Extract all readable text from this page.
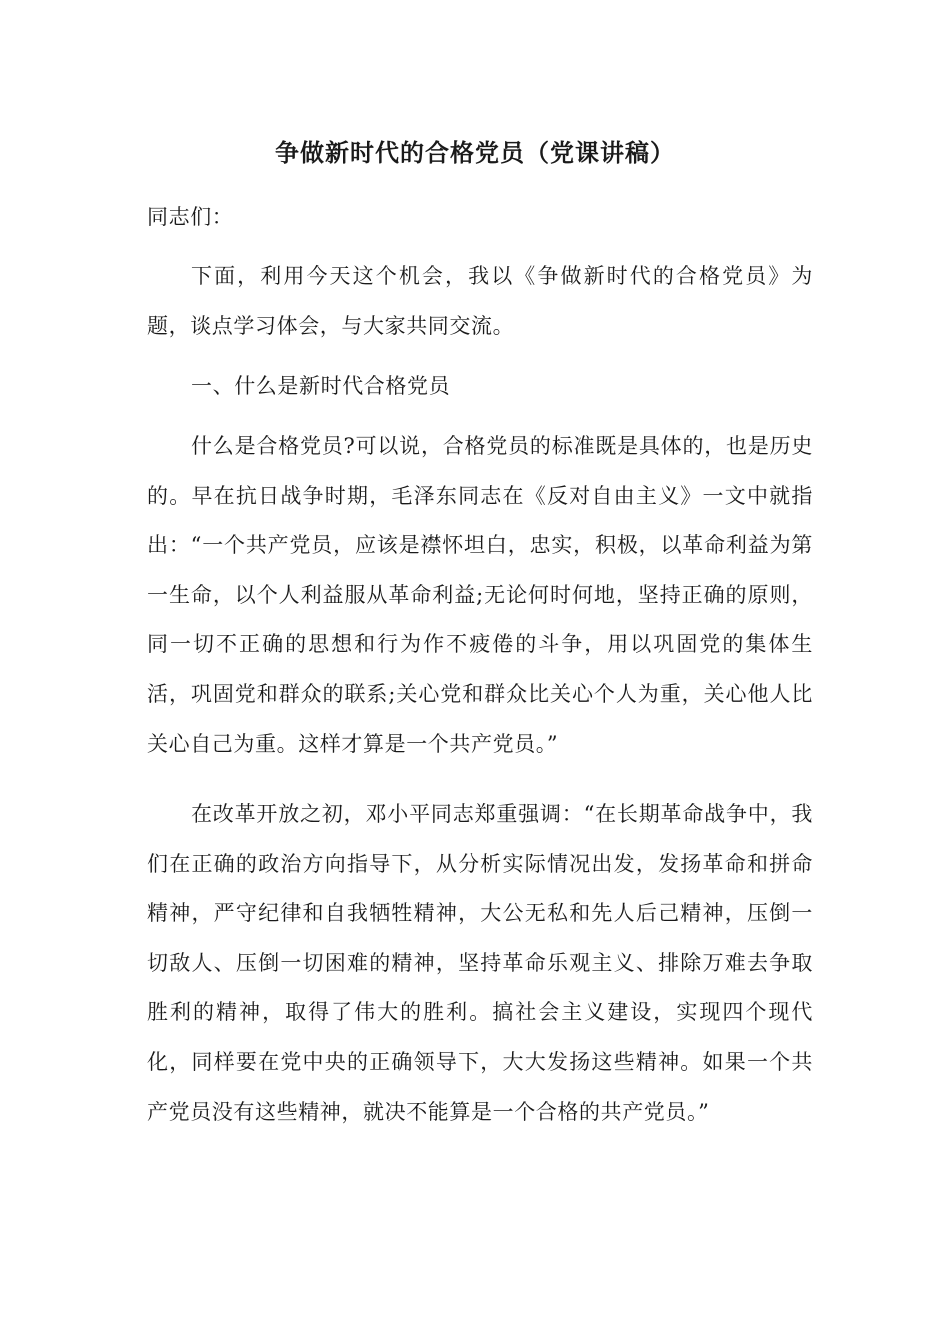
争做新时代的合格党员（党课讲稿）

同志们：

下面，利用今天这个机会，我以《争做新时代的合格党员》为题，谈点学习体会，与大家共同交流。

一、什么是新时代合格党员

什么是合格党员?可以说，合格党员的标准既是具体的，也是历史的。早在抗日战争时期，毛泽东同志在《反对自由主义》一文中就指出：“一个共产党员，应该是襟怀坦白，忠实，积极，以革命利益为第一生命，以个人利益服从革命利益;无论何时何地，坚持正确的原则，同一切不正确的思想和行为作不疲倦的斗争，用以巩固党的集体生活，巩固党和群众的联系;关心党和群众比关心个人为重，关心他人比关心自己为重。这样才算是一个共产党员。”

在改革开放之初，邓小平同志郑重强调：“在长期革命战争中，我们在正确的政治方向指导下，从分析实际情况出发，发扬革命和拼命精神，严守纪律和自我牺牲精神，大公无私和先人后己精神，压倒一切敌人、压倒一切困难的精神，坚持革命乐观主义、排除万难去争取胜利的精神，取得了伟大的胜利。搞社会主义建设，实现四个现代化，同样要在党中央的正确领导下，大大发扬这些精神。如果一个共产党员没有这些精神，就决不能算是一个合格的共产党员。”
